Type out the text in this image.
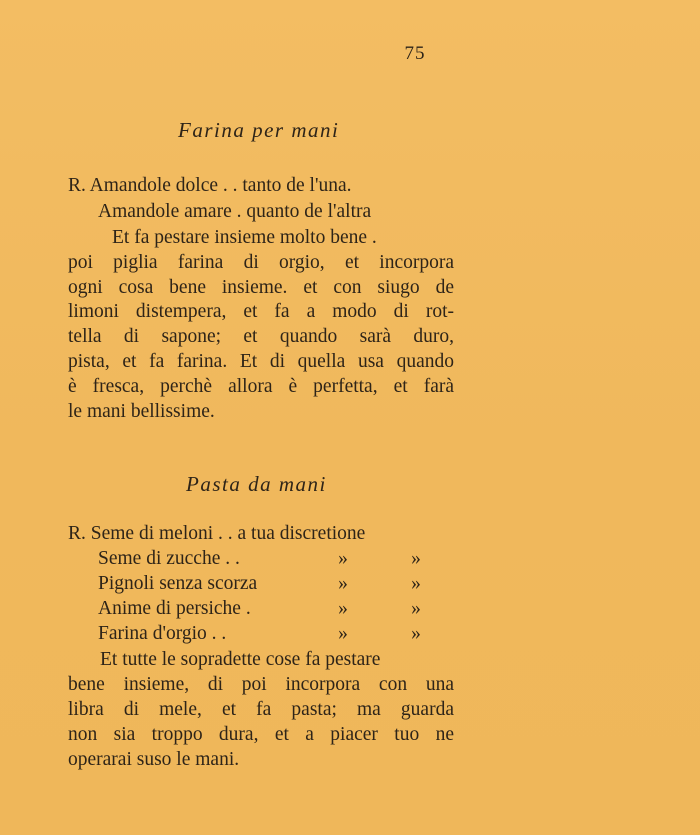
75
Farina per mani
R. Amandole dolce . . tanto de l'una.
Amandole amare . quanto de l'altra
Et fa pestare insieme molto bene .
poi piglia farina di orgio, et incorpora
ogni cosa bene insieme. et con siugo de
limoni distempera, et fa a modo di rot-
tella di sapone; et quando sarà duro,
pista, et fa farina. Et di quella usa quando
è fresca, perchè allora è perfetta, et farà
le mani bellissime.
Pasta da mani
R. Seme di meloni . . a tua discretione
Seme di zucche . .	»	»
Pignoli senza scorza	»	»
Anime di persiche .	»	»
Farina d'orgio . .	»	»
Et tutte le sopradette cose fa pestare
bene insieme, di poi incorpora con una
libra di mele, et fa pasta; ma guarda
non sia troppo dura, et a piacer tuo ne
operarai suso le mani.
